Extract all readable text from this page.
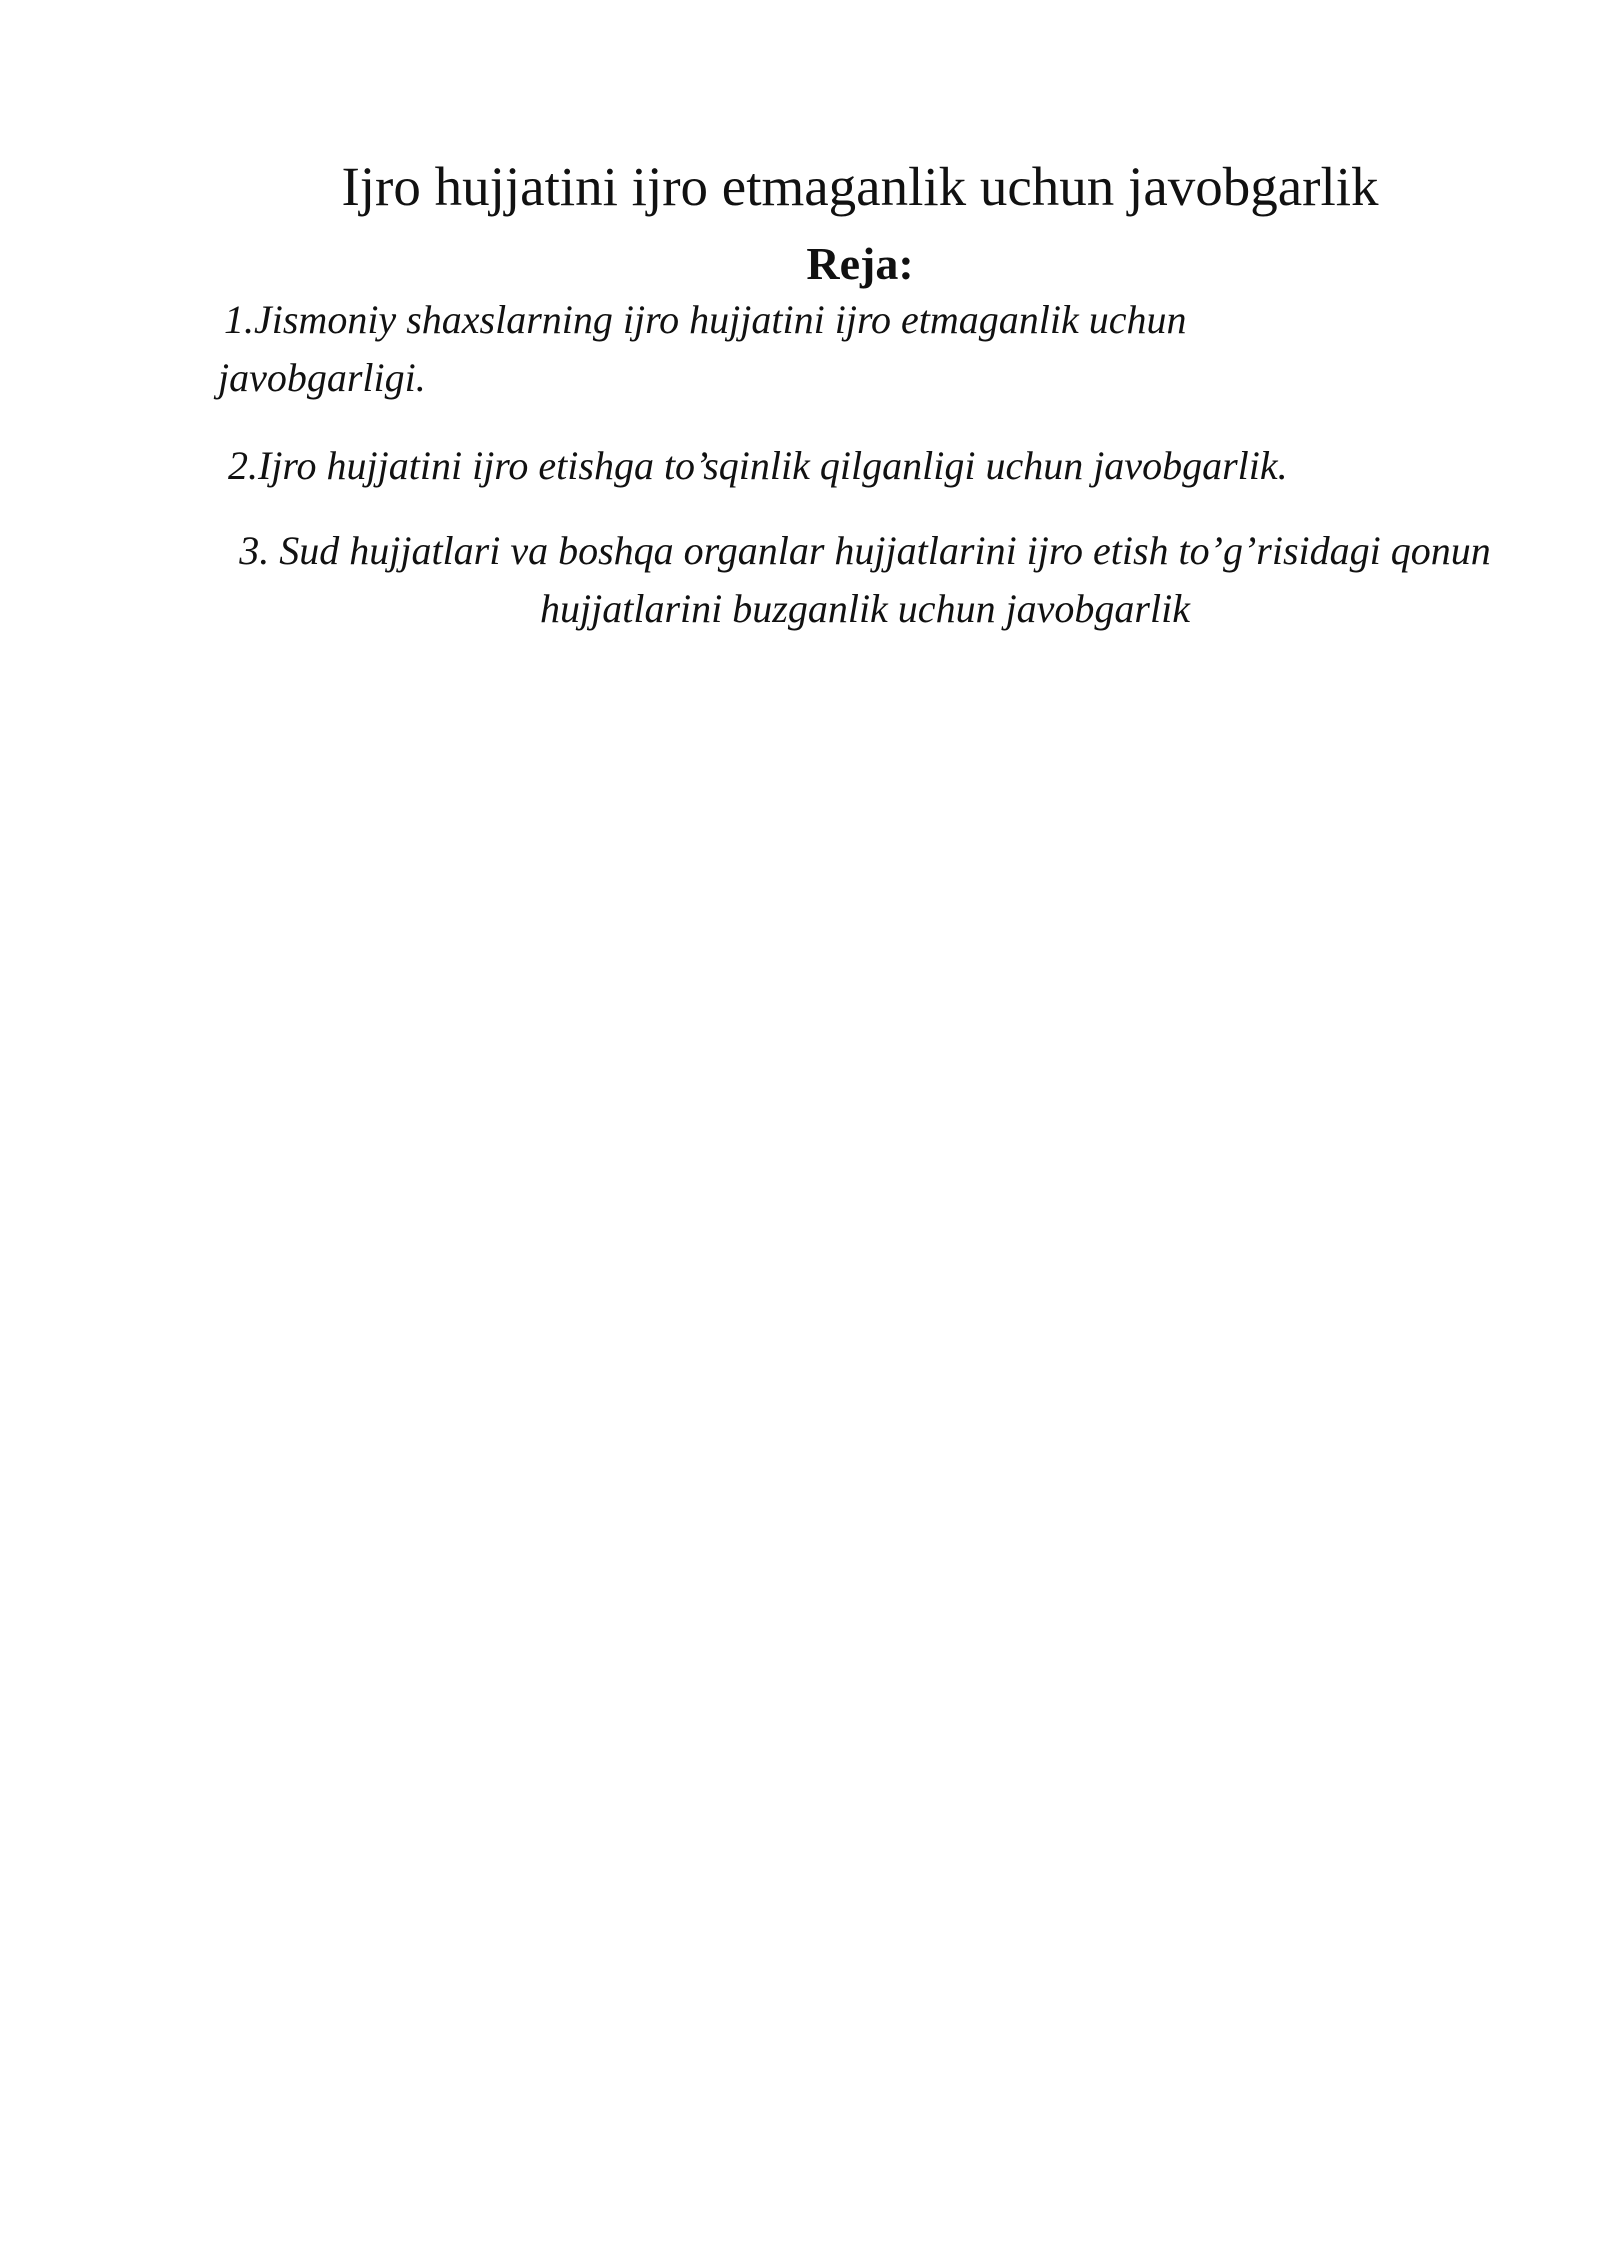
Ijro hujjatini ijro etmaganlik uchun javobgarlik
Reja:
1.Jismoniy shaxslarning ijro hujjatini ijro etmaganlik uchun javobgarligi.
2.Ijro hujjatini ijro etishga to’sqinlik qilganligi uchun javobgarlik.
3. Sud hujjatlari va boshqa organlar hujjatlarini ijro etish to’g’risidagi qonun hujjatlarini buzganlik uchun javobgarlik
